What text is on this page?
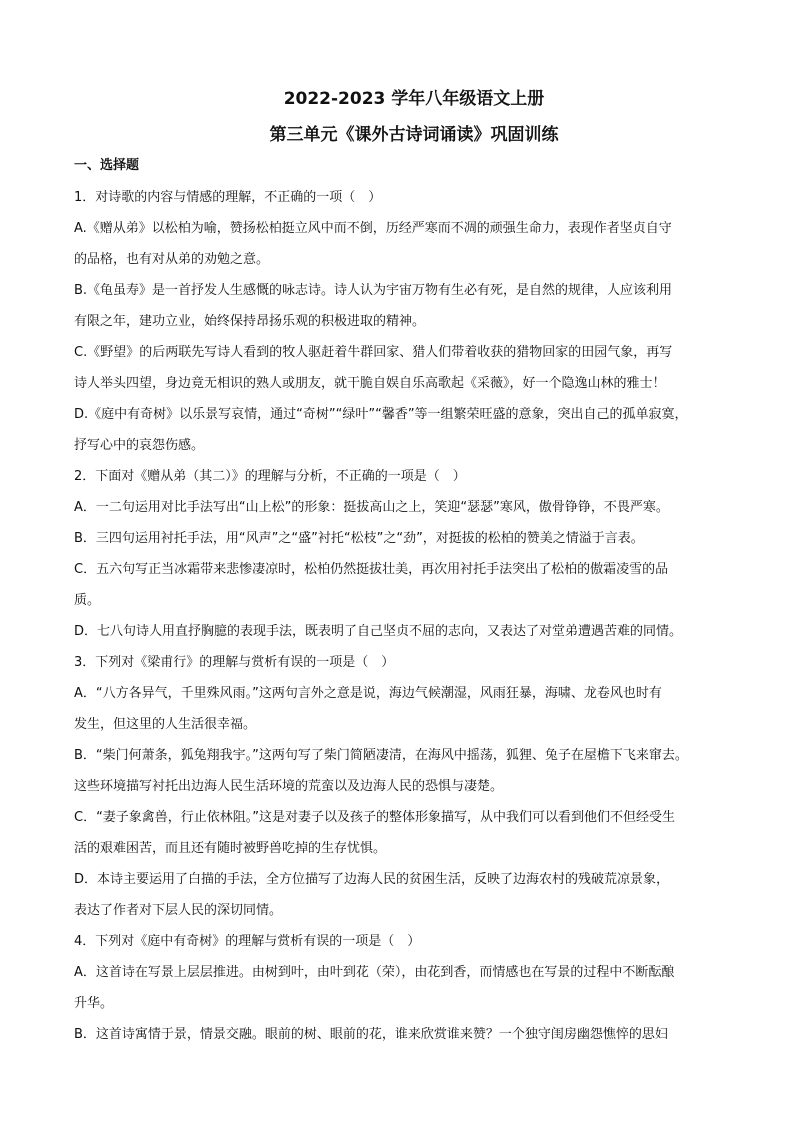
2022-2023 学年八年级语文上册

第三单元《课外古诗词诵读》巩固训练

一、选择题

1．对诗歌的内容与情感的理解，不正确的一项（　）

A.《赠从弟》以松柏为喻，赞扬松柏挺立风中而不倒，历经严寒而不凋的顽强生命力，表现作者坚贞自守

的品格，也有对从弟的劝勉之意。

B.《龟虽寿》是一首抒发人生感慨的咏志诗。诗人认为宇宙万物有生必有死，是自然的规律，人应该利用

有限之年，建功立业，始终保持昂扬乐观的积极进取的精神。

C.《野望》的后两联先写诗人看到的牧人驱赶着牛群回家、猎人们带着收获的猎物回家的田园气象，再写

诗人举头四望，身边竟无相识的熟人或朋友，就干脆自娱自乐高歌起《采薇》，好一个隐逸山林的雅士！

D.《庭中有奇树》以乐景写哀情，通过“奇树”“绿叶”“馨香”等一组繁荣旺盛的意象，突出自己的孤单寂寞，

抒写心中的哀怨伤感。

2．下面对《赠从弟（其二）》的理解与分析，不正确的一项是（　）

A．一二句运用对比手法写出“山上松”的形象：挺拔高山之上，笑迎“瑟瑟”寒风，傲骨铮铮，不畏严寒。

B．三四句运用衬托手法，用“风声”之“盛”衬托“松枝”之“劲”，对挺拔的松柏的赞美之情溢于言表。

C．五六句写正当冰霜带来悲惨凄凉时，松柏仍然挺拔壮美，再次用衬托手法突出了松柏的傲霜凌雪的品

质。

D．七八句诗人用直抒胸臆的表现手法，既表明了自己坚贞不屈的志向，又表达了对堂弟遭遇苦难的同情。

3．下列对《梁甫行》的理解与赏析有误的一项是（　）

A．“八方各异气，千里殊风雨。”这两句言外之意是说，海边气候潮湿，风雨狂暴，海啸、龙卷风也时有

发生，但这里的人生活很幸福。

B．“柴门何萧条，狐兔翔我宇。”这两句写了柴门简陋凄清，在海风中摇荡，狐狸、兔子在屋檐下飞来窜去。

这些环境描写衬托出边海人民生活环境的荒蛮以及边海人民的恐惧与凄楚。

C．“妻子象禽兽，行止依林阻。”这是对妻子以及孩子的整体形象描写，从中我们可以看到他们不但经受生

活的艰难困苦，而且还有随时被野兽吃掉的生存忧惧。

D．本诗主要运用了白描的手法，全方位描写了边海人民的贫困生活，反映了边海农村的残破荒凉景象，

表达了作者对下层人民的深切同情。

4．下列对《庭中有奇树》的理解与赏析有误的一项是（　）

A．这首诗在写景上层层推进。由树到叶，由叶到花（荣），由花到香，而情感也在写景的过程中不断酝酿

升华。

B．这首诗寓情于景，情景交融。眼前的树、眼前的花，谁来欣赏谁来赞？一个独守闺房幽怨憔悴的思妇
